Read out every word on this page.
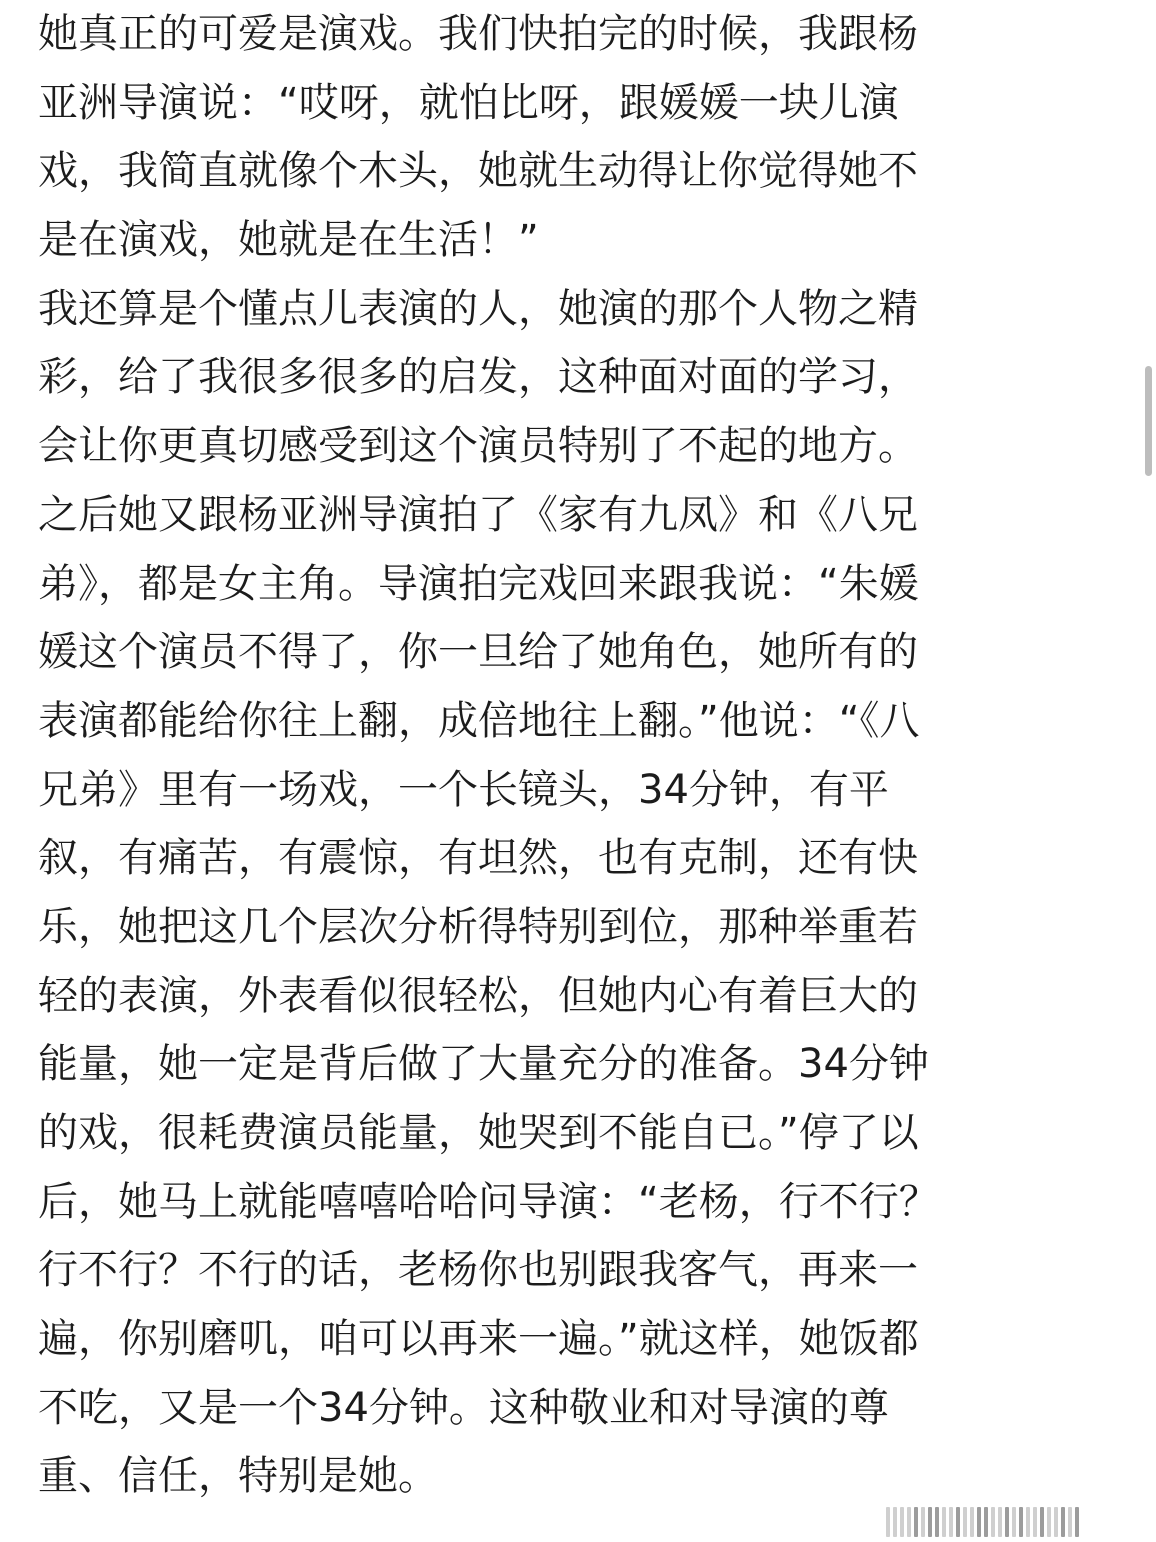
她真正的可爱是演戏。我们快拍完的时候，我跟杨
亚洲导演说：“哎呀，就怕比呀，跟媛媛一块儿演
戏，我简直就像个木头，她就生动得让你觉得她不
是在演戏，她就是在生活！”
我还算是个懂点儿表演的人，她演的那个人物之精
彩，给了我很多很多的启发，这种面对面的学习，
会让你更真切感受到这个演员特别了不起的地方。
之后她又跟杨亚洲导演拍了《家有九凤》和《八兄
弟》，都是女主角。导演拍完戏回来跟我说：“朱媛
媛这个演员不得了，你一旦给了她角色，她所有的
表演都能给你往上翻，成倍地往上翻。”他说：“《八
兄弟》里有一场戏，一个长镜头，34分钟，有平
叙，有痛苦，有震惊，有坦然，也有克制，还有快
乐，她把这几个层次分析得特别到位，那种举重若
轻的表演，外表看似很轻松，但她内心有着巨大的
能量，她一定是背后做了大量充分的准备。34分钟
的戏，很耗费演员能量，她哭到不能自已。”停了以
后，她马上就能嘻嘻哈哈问导演：“老杨，行不行？
行不行？不行的话，老杨你也别跟我客气，再来一
遍，你别磨叽，咱可以再来一遍。”就这样，她饭都
不吃，又是一个34分钟。这种敬业和对导演的尊
重、信任，特别是她。
